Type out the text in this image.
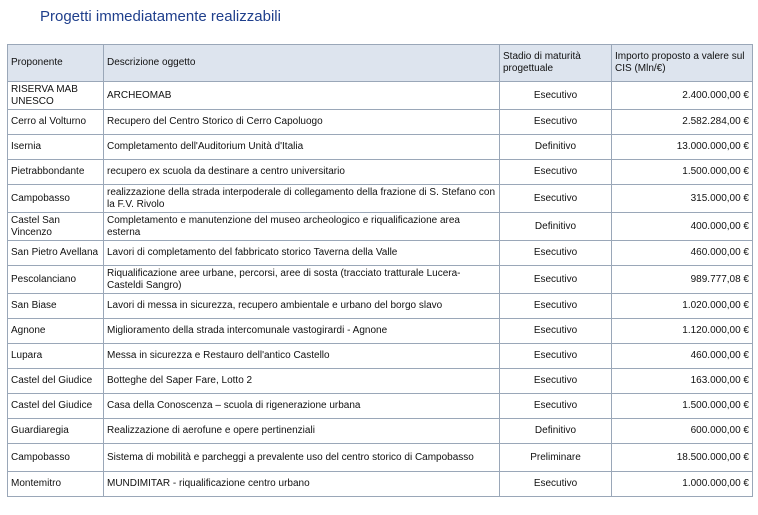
Progetti immediatamente realizzabili
Proponente	Descrizione oggetto	Stadio di maturità progettuale	Importo proposto a valere sul CIS (Mln/€)
RISERVA MAB UNESCO	ARCHEOMAB	Esecutivo	2.400.000,00 €
Cerro al Volturno	Recupero del Centro Storico di Cerro Capoluogo	Esecutivo	2.582.284,00 €
Isernia	Completamento dell'Auditorium Unità d'Italia	Definitivo	13.000.000,00 €
Pietrabbondante	recupero ex scuola da destinare a centro universitario	Esecutivo	1.500.000,00 €
Campobasso	realizzazione della strada interpoderale di collegamento della frazione di S. Stefano con la F.V. Rivolo	Esecutivo	315.000,00 €
Castel San Vincenzo	Completamento e manutenzione del museo archeologico e riqualificazione area esterna	Definitivo	400.000,00 €
San Pietro Avellana	Lavori di completamento del fabbricato storico Taverna della Valle	Esecutivo	460.000,00 €
Pescolanciano	Riqualificazione aree urbane, percorsi, aree di sosta (tracciato tratturale Lucera-Casteldi Sangro)	Esecutivo	989.777,08 €
San Biase	Lavori di messa in sicurezza, recupero ambientale e urbano del borgo slavo	Esecutivo	1.020.000,00 €
Agnone	Miglioramento della strada intercomunale vastogirardi - Agnone	Esecutivo	1.120.000,00 €
Lupara	Messa in sicurezza e Restauro dell'antico Castello	Esecutivo	460.000,00 €
Castel del Giudice	Botteghe del Saper Fare, Lotto 2	Esecutivo	163.000,00 €
Castel del Giudice	Casa della Conoscenza – scuola di rigenerazione urbana	Esecutivo	1.500.000,00 €
Guardiaregia	Realizzazione di aerofune e opere pertinenziali	Definitivo	600.000,00 €
Campobasso	Sistema di mobilità e parcheggi a prevalente uso del centro storico di Campobasso	Preliminare	18.500.000,00 €
Montemitro	MUNDIMITAR - riqualificazione centro urbano	Esecutivo	1.000.000,00 €
